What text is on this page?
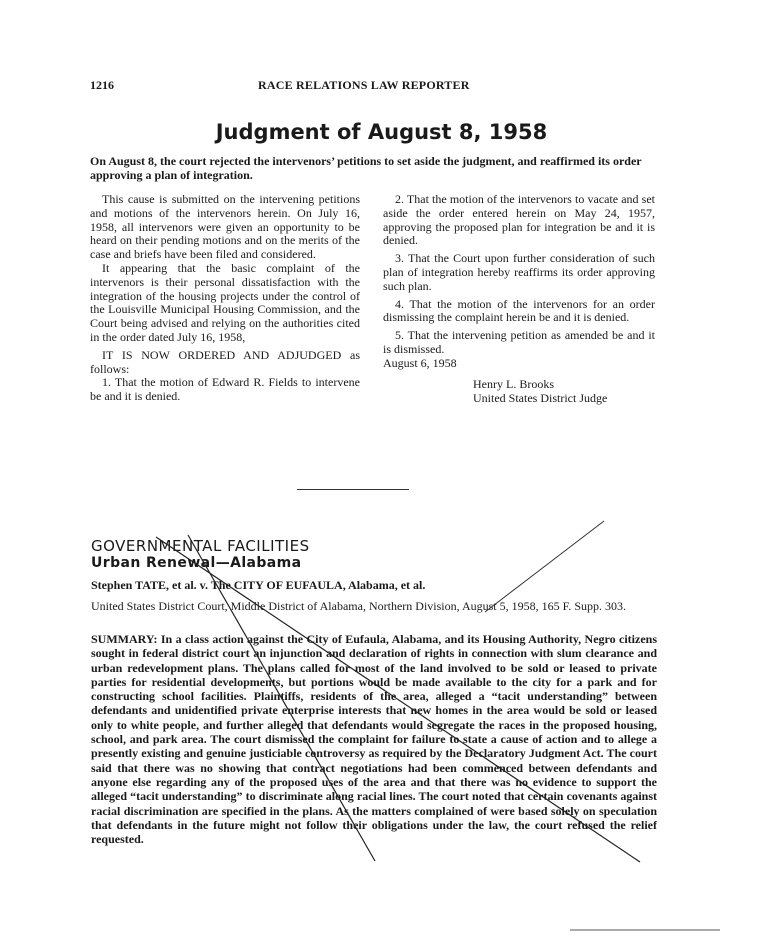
1216	RACE RELATIONS LAW REPORTER
Judgment of August 8, 1958
On August 8, the court rejected the intervenors’ petitions to set aside the judgment, and reaffirmed its order approving a plan of integration.

This cause is submitted on the intervening petitions and motions of the intervenors herein. On July 16, 1958, all intervenors were given an opportunity to be heard on their pending motions and on the merits of the case and briefs have been filed and considered.

It appearing that the basic complaint of the intervenors is their personal dissatisfaction with the integration of the housing projects under the control of the Louisville Municipal Housing Commission, and the Court being advised and relying on the authorities cited in the order dated July 16, 1958,

IT IS NOW ORDERED AND ADJUDGED as follows:

1. That the motion of Edward R. Fields to intervene be and it is denied.

2. That the motion of the intervenors to vacate and set aside the order entered herein on May 24, 1957, approving the proposed plan for integration be and it is denied.

3. That the Court upon further consideration of such plan of integration hereby reaffirms its order approving such plan.

4. That the motion of the intervenors for an order dismissing the complaint herein be and it is denied.

5. That the intervening petition as amended be and it is dismissed.

August 6, 1958

Henry L. Brooks
United States District Judge
GOVERNMENTAL FACILITIES
Urban Renewal—Alabama
Stephen TATE, et al. v. The CITY OF EUFAULA, Alabama, et al.
United States District Court, Middle District of Alabama, Northern Division, August 5, 1958, 165 F. Supp. 303.
SUMMARY: In a class action against the City of Eufaula, Alabama, and its Housing Authority, Negro citizens sought in federal district court an injunction and declaration of rights in connection with slum clearance and urban redevelopment plans. The plans called for most of the land involved to be sold or leased to private parties for residential developments, but portions would be made available to the city for a park and for constructing school facilities. Plaintiffs, residents of the area, alleged a “tacit understanding” between defendants and unidentified private enterprise interests that new homes in the area would be sold or leased only to white people, and further alleged that defendants would segregate the races in the proposed housing, school, and park area. The court dismissed the complaint for failure to state a cause of action and to allege a presently existing and genuine justiciable controversy as required by the Declaratory Judgment Act. The court said that there was no showing that contract negotiations had been commenced between defendants and anyone else regarding any of the proposed uses of the area and that there was no evidence to support the alleged “tacit understanding” to discriminate along racial lines. The court noted that certain covenants against racial discrimination are specified in the plans. As the matters complained of were based solely on speculation that defendants in the future might not follow their obligations under the law, the court refused the relief requested.
